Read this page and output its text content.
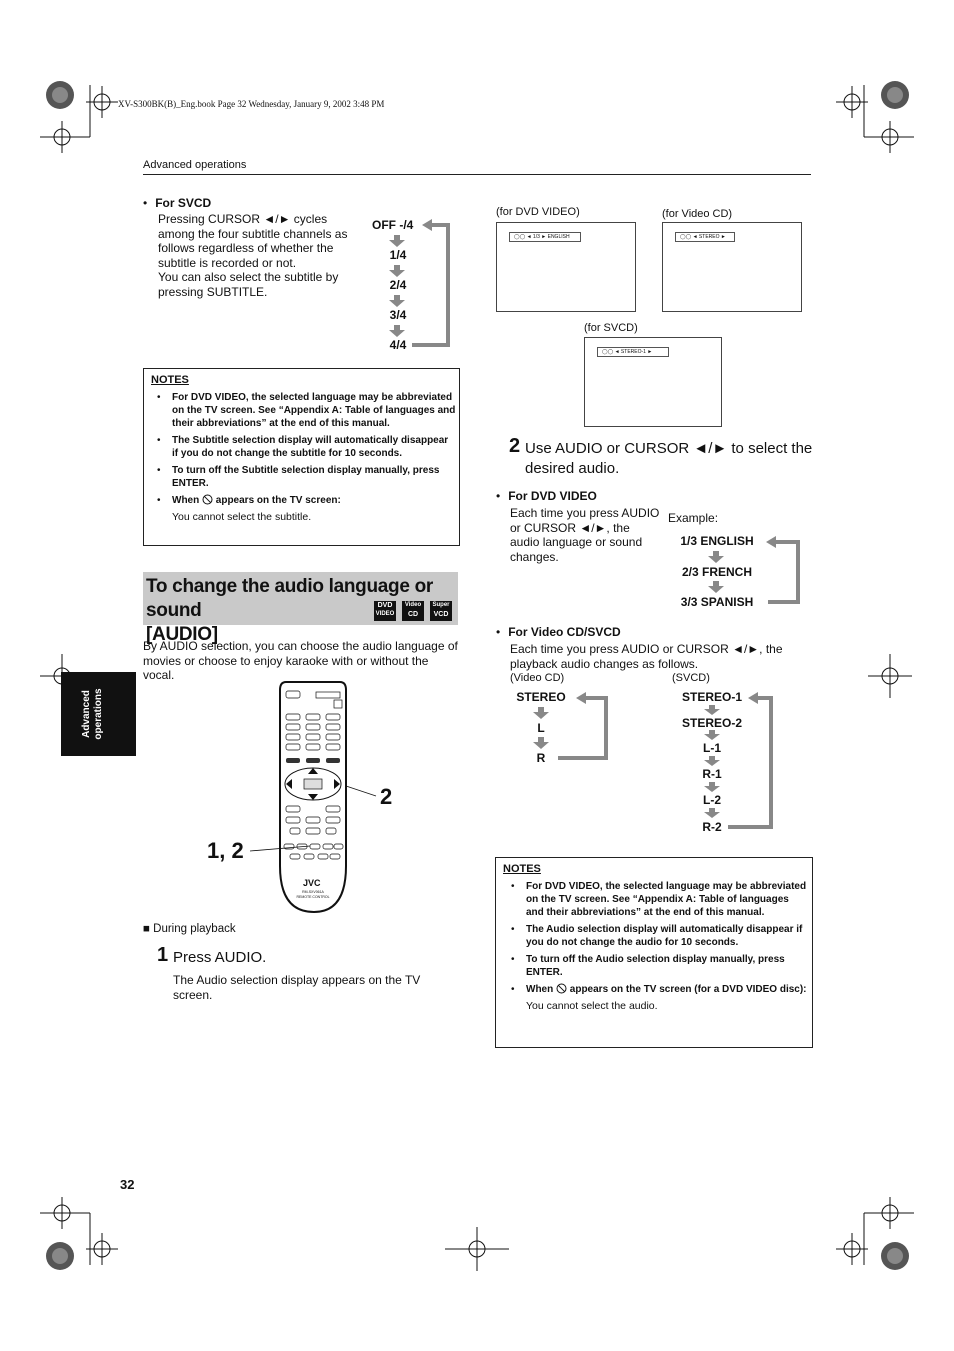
XV-S300BK(B)_Eng.book Page 32 Wednesday, January 9, 2002 3:48 PM
Advanced operations
Advanced operations
• For SVCD
Pressing CURSOR ◄/► cycles among the four subtitle channels as follows regardless of whether the subtitle is recorded or not.
You can also select the subtitle by pressing SUBTITLE.
OFF -/4
1/4
2/4
3/4
4/4
NOTES
• For DVD VIDEO, the selected language may be abbreviated on the TV screen. See “Appendix A: Table of languages and their abbreviations” at the end of this manual.
• The Subtitle selection display will automatically disappear if you do not change the subtitle for 10 seconds.
• To turn off the Subtitle selection display manually, press ENTER.
• When appears on the TV screen:
You cannot select the subtitle.
To change the audio language or sound
[AUDIO]
DVD
VIDEO
Video
CD
Super
VCD
By AUDIO selection, you can choose the audio language of movies or choose to enjoy karaoke with or without the vocal.
JVC
RM-SXV061A REMOTE CONTROL
2
1, 2
■ During playback
1 Press AUDIO.
The Audio selection display appears on the TV screen.
(for DVD VIDEO)
◯◯ ◄ 1/3 ► ENGLISH
(for Video CD)
◯◯ ◄ STEREO ►
(for SVCD)
◯◯ ◄ STEREO-1 ►
2 Use AUDIO or CURSOR ◄/► to select the desired audio.
• For DVD VIDEO
Each time you press AUDIO or CURSOR ◄/►, the audio language or sound changes.
Example:
1/3 ENGLISH
2/3 FRENCH
3/3 SPANISH
• For Video CD/SVCD
Each time you press AUDIO or CURSOR ◄/►, the playback audio changes as follows.
(Video CD)	(SVCD)
STEREO
L
R
STEREO-1
STEREO-2
L-1
R-1
L-2
R-2
NOTES
• For DVD VIDEO, the selected language may be abbreviated on the TV screen. See “Appendix A: Table of languages and their abbreviations” at the end of this manual.
• The Audio selection display will automatically disappear if you do not change the audio for 10 seconds.
• To turn off the Audio selection display manually, press ENTER.
• When appears on the TV screen (for a DVD VIDEO disc):
You cannot select the audio.
32
